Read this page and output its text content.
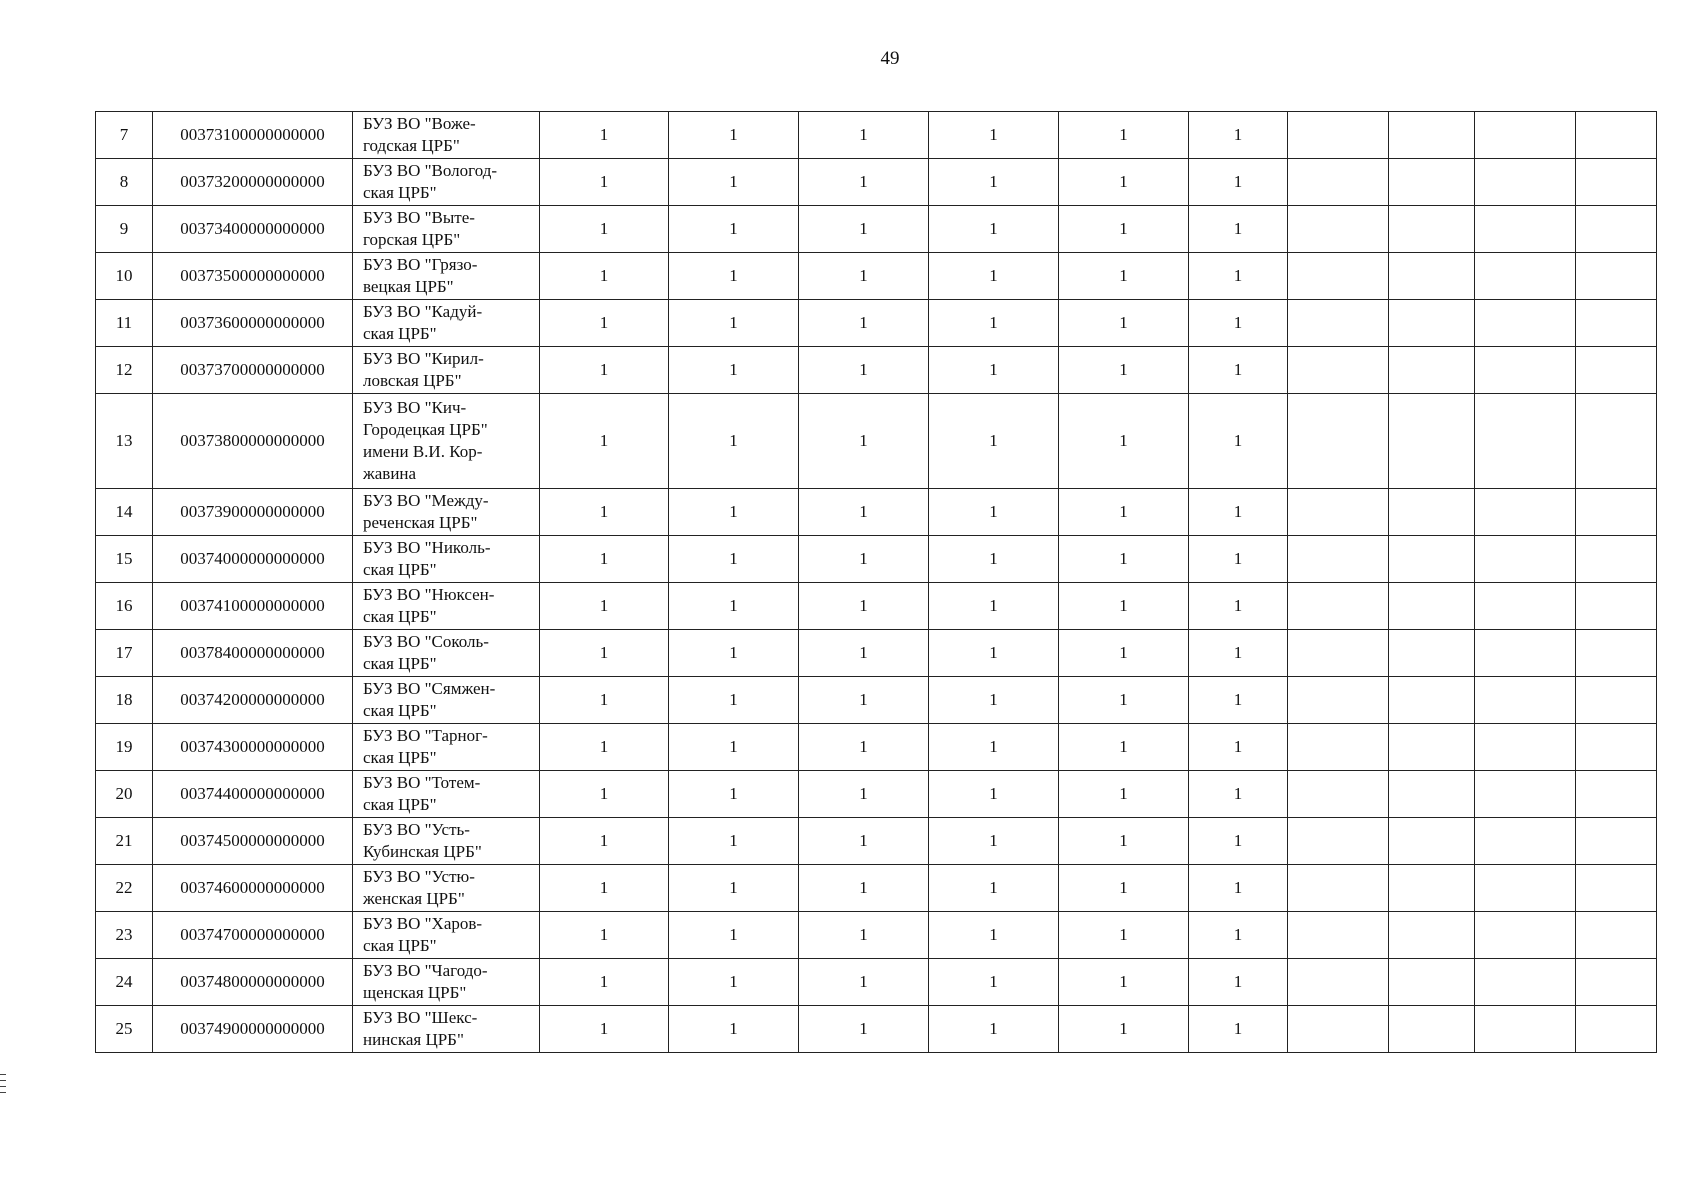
49
7	00373100000000000	БУЗ ВО "Воже-
годская ЦРБ"	1	1	1	1	1	1				
8	00373200000000000	БУЗ ВО "Вологод-
ская ЦРБ"	1	1	1	1	1	1				
9	00373400000000000	БУЗ ВО "Выте-
горская ЦРБ"	1	1	1	1	1	1				
10	00373500000000000	БУЗ ВО "Грязо-
вецкая ЦРБ"	1	1	1	1	1	1				
11	00373600000000000	БУЗ ВО "Кадуй-
ская ЦРБ"	1	1	1	1	1	1				
12	00373700000000000	БУЗ ВО "Кирил-
ловская ЦРБ"	1	1	1	1	1	1				
13	00373800000000000	БУЗ ВО "Кич-
Городецкая ЦРБ"
имени В.И. Кор-
жавина	1	1	1	1	1	1				
14	00373900000000000	БУЗ ВО "Между-
реченская ЦРБ"	1	1	1	1	1	1				
15	00374000000000000	БУЗ ВО "Николь-
ская ЦРБ"	1	1	1	1	1	1				
16	00374100000000000	БУЗ ВО "Нюксен-
ская ЦРБ"	1	1	1	1	1	1				
17	00378400000000000	БУЗ ВО "Соколь-
ская ЦРБ"	1	1	1	1	1	1				
18	00374200000000000	БУЗ ВО "Сямжен-
ская ЦРБ"	1	1	1	1	1	1				
19	00374300000000000	БУЗ ВО "Тарног-
ская ЦРБ"	1	1	1	1	1	1				
20	00374400000000000	БУЗ ВО "Тотем-
ская ЦРБ"	1	1	1	1	1	1				
21	00374500000000000	БУЗ ВО "Усть-
Кубинская ЦРБ"	1	1	1	1	1	1				
22	00374600000000000	БУЗ ВО "Устю-
женская ЦРБ"	1	1	1	1	1	1				
23	00374700000000000	БУЗ ВО "Харов-
ская ЦРБ"	1	1	1	1	1	1				
24	00374800000000000	БУЗ ВО "Чагодо-
щенская ЦРБ"	1	1	1	1	1	1				
25	00374900000000000	БУЗ ВО "Шекс-
нинская ЦРБ"	1	1	1	1	1	1				
